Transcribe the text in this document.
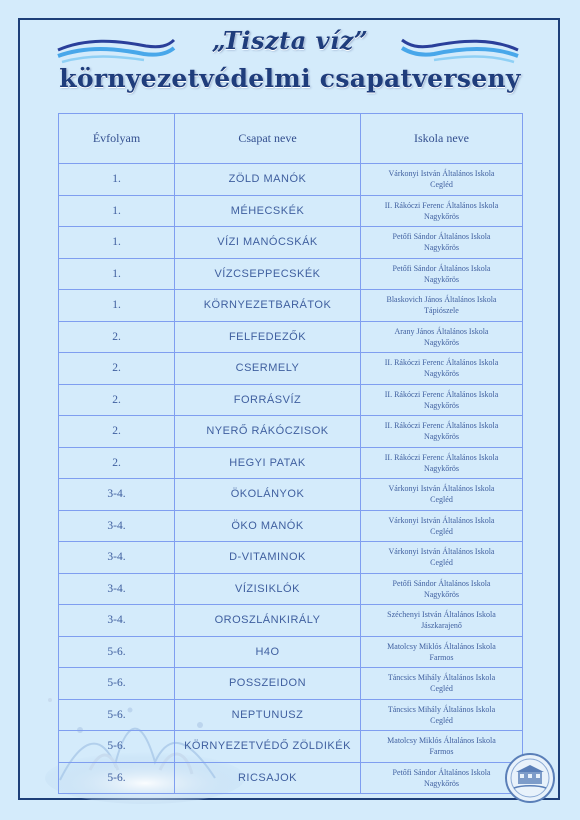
„Tiszta víz”
környezetvédelmi csapatverseny
Évfolyam	Csapat neve	Iskola neve
1.	ZÖLD MANÓK	Várkonyi István Általános Iskola
Cegléd

1.	MÉHECSKÉK	II. Rákóczi Ferenc Általános Iskola
Nagykőrös

1.	VÍZI MANÓCSKÁK	Petőfi Sándor Általános Iskola
Nagykőrös

1.	VÍZCSEPPECSKÉK	Petőfi Sándor Általános Iskola
Nagykőrös

1.	KÖRNYEZETBARÁTOK	Blaskovich János Általános Iskola
Tápiószele

2.	FELFEDEZŐK	Arany János Általános Iskola
Nagykőrös

2.	CSERMELY	II. Rákóczi Ferenc Általános Iskola
Nagykőrös

2.	FORRÁSVÍZ	II. Rákóczi Ferenc Általános Iskola
Nagykőrös

2.	NYERŐ RÁKÓCZISOK	II. Rákóczi Ferenc Általános Iskola
Nagykőrös

2.	HEGYI PATAK	II. Rákóczi Ferenc Általános Iskola
Nagykőrös

3-4.	ÖKOLÁNYOK	Várkonyi István Általános Iskola
Cegléd

3-4.	ÖKO MANÓK	Várkonyi István Általános Iskola
Cegléd

3-4.	D-VITAMINOK	Várkonyi István Általános Iskola
Cegléd

3-4.	VÍZISIKLÓK	Petőfi Sándor Általános Iskola
Nagykőrös

3-4.	OROSZLÁNKIRÁLY	Széchenyi István Általános Iskola
Jászkarajenő

5-6.	H4O	Matolcsy Miklós Általános Iskola
Farmos

5-6.	POSSZEIDON	Táncsics Mihály Általános Iskola
Cegléd

5-6.	NEPTUNUSZ	Táncsics Mihály Általános Iskola
Cegléd

5-6.	KÖRNYEZETVÉDŐ ZÖLDIKÉK	Matolcsy Miklós Általános Iskola
Farmos

5-6.	RICSAJOK	Petőfi Sándor Általános Iskola
Nagykőrös
